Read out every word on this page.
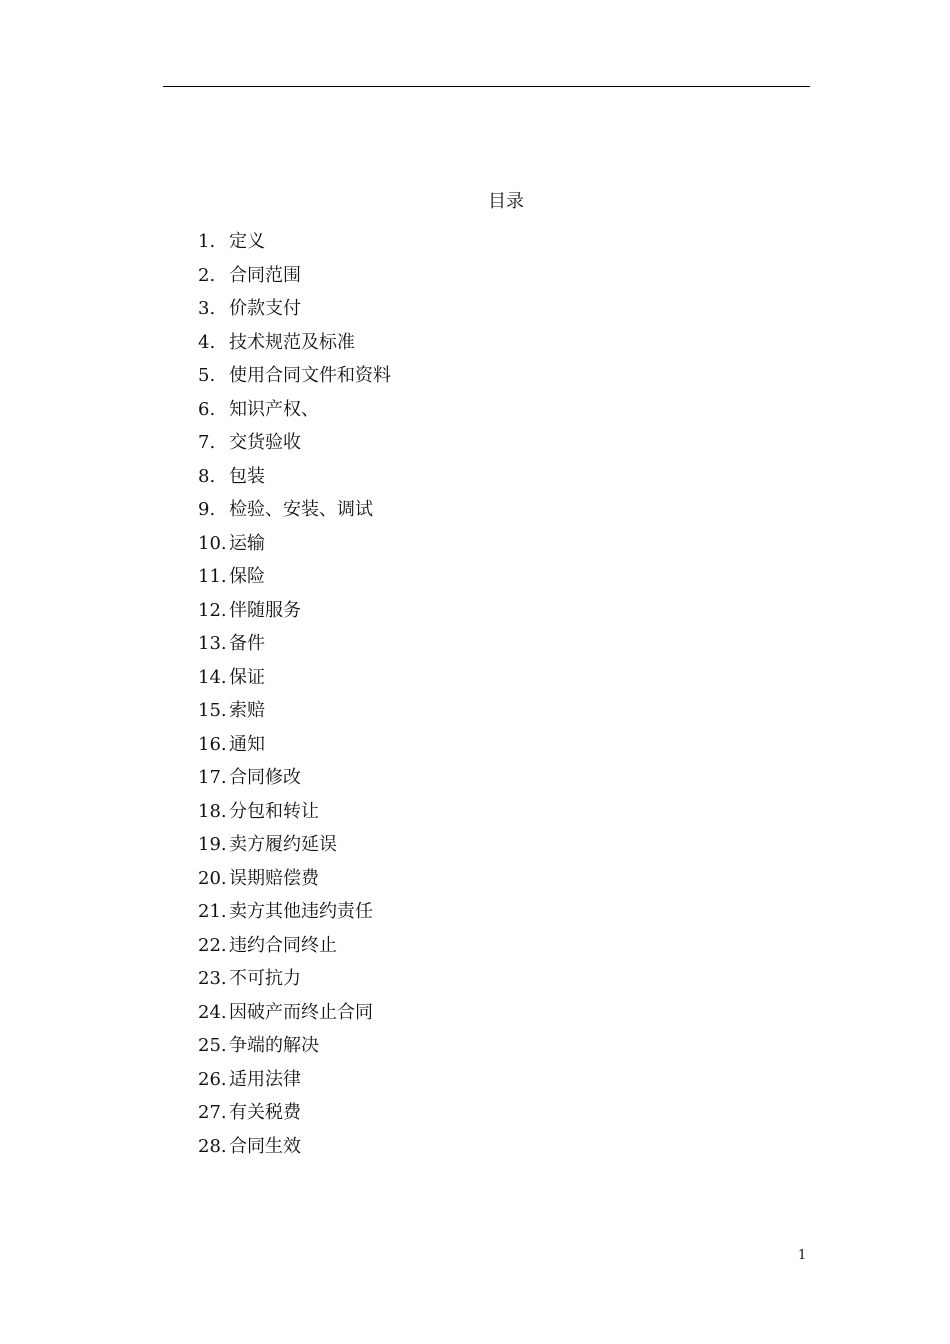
目录
1. 定义
2. 合同范围
3. 价款支付
4. 技术规范及标准
5. 使用合同文件和资料
6. 知识产权、
7. 交货验收
8. 包装
9. 检验、安装、调试
10. 运输
11. 保险
12. 伴随服务
13. 备件
14. 保证
15. 索赔
16. 通知
17. 合同修改
18. 分包和转让
19. 卖方履约延误
20. 误期赔偿费
21. 卖方其他违约责任
22. 违约合同终止
23. 不可抗力
24. 因破产而终止合同
25. 争端的解决
26. 适用法律
27. 有关税费
28. 合同生效
1
